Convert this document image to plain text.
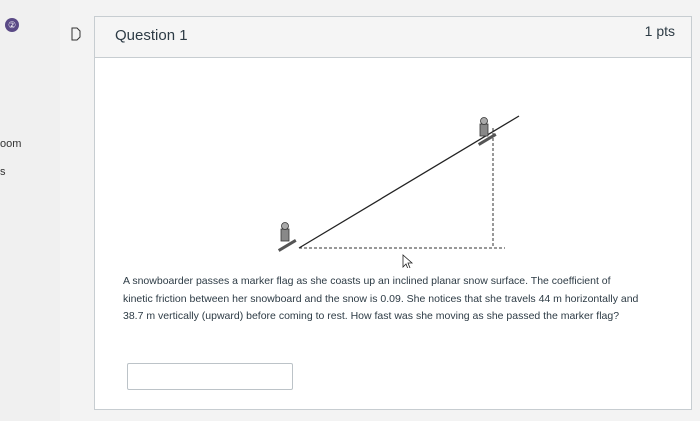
②
oom
s
Question 1	1 pts
A snowboarder passes a marker flag as she coasts up an inclined planar snow surface. The coefficient of kinetic friction between her snowboard and the snow is 0.09. She notices that she travels 44 m horizontally and 38.7 m vertically (upward) before coming to rest. How fast was she moving as she passed the marker flag?
